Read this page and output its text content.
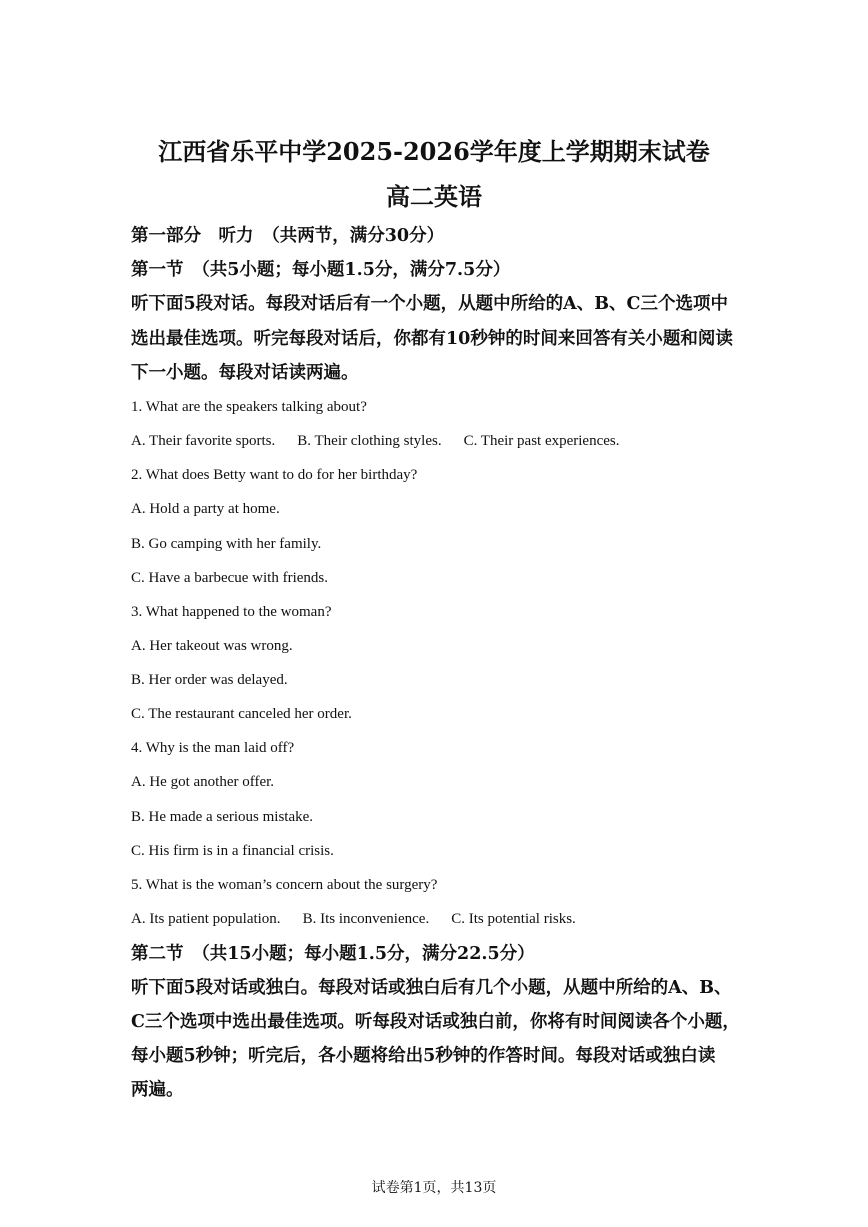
江西省乐平中学2025-2026学年度上学期期末试卷
高二英语

第一部分　听力　（共两节，满分30分）

第一节　（共5小题；每小题1.5分，满分7.5分）

听下面5段对话。每段对话后有一个小题，从题中所给的A、B、C三个选项中

选出最佳选项。听完每段对话后，你都有10秒钟的时间来回答有关小题和阅读

下一小题。每段对话读两遍。

1. What are the speakers talking about?

A. Their favorite sports. B. Their clothing styles. C. Their past experiences.

2. What does Betty want to do for her birthday?

A. Hold a party at home.

B. Go camping with her family.

C. Have a barbecue with friends.

3. What happened to the woman?

A. Her takeout was wrong.

B. Her order was delayed.

C. The restaurant canceled her order.

4. Why is the man laid off?

A. He got another offer.

B. He made a serious mistake.

C. His firm is in a financial crisis.

5. What is the woman’s concern about the surgery?

A. Its patient population. B. Its inconvenience. C. Its potential risks.

第二节　（共15小题；每小题1.5分，满分22.5分）

听下面5段对话或独白。每段对话或独白后有几个小题，从题中所给的A、B、

C三个选项中选出最佳选项。听每段对话或独白前，你将有时间阅读各个小题，

每小题5秒钟；听完后，各小题将给出5秒钟的作答时间。每段对话或独白读

两遍。

试卷第1页，共13页
